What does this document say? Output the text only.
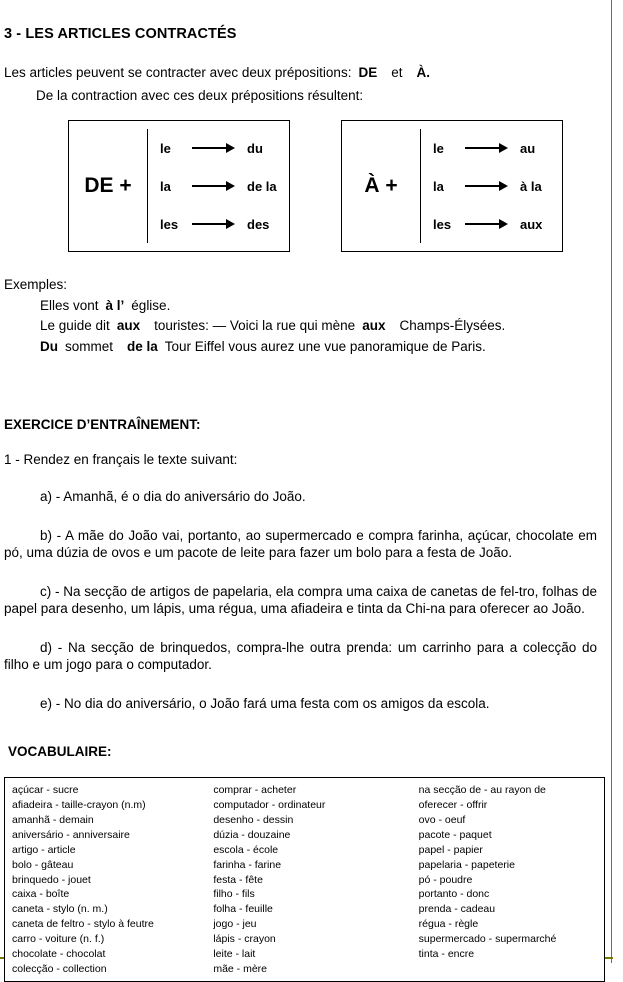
3 - LES ARTICLES CONTRACTÉS

Les articles peuvent se contracter avec deux prépositions: DE et À.

De la contraction avec ces deux prépositions résultent:

DE +
le	du
la	de la
les	des
À +
le	au
la	à la
les	aux

Exemples:

Elles vont à l’ église.

Le guide dit aux touristes: — Voici la rue qui mène aux Champs-Élysées.

Du sommet de la Tour Eiffel vous aurez une vue panoramique de Paris.

EXERCICE D’ENTRAÎNEMENT:

1 - Rendez en français le texte suivant:

a) - Amanhã, é o dia do aniversário do João.

b) - A mãe do João vai, portanto, ao supermercado e compra farinha, açúcar, chocolate em pó, uma dúzia de ovos e um pacote de leite para fazer um bolo para a festa de João.

c) - Na secção de artigos de papelaria, ela compra uma caixa de canetas de fel-tro, folhas de papel para desenho, um lápis, uma régua, uma afiadeira e tinta da Chi-na para oferecer ao João.

d) - Na secção de brinquedos, compra-lhe outra prenda: um carrinho para a colecção do filho e um jogo para o computador.

e) - No dia do aniversário, o João fará uma festa com os amigos da escola.

VOCABULAIRE:

açúcar - sucre
afiadeira - taille-crayon (n.m)
amanhã - demain
aniversário - anniversaire
artigo - article
bolo - gâteau
brinquedo - jouet
caixa - boîte
caneta - stylo (n. m.)
caneta de feltro - stylo à feutre
carro - voiture (n. f.)
chocolate - chocolat
colecção - collection
comprar - acheter
computador - ordinateur
desenho - dessin
dúzia - douzaine
escola - école
farinha - farine
festa - fête
filho - fils
folha - feuille
jogo - jeu
lápis - crayon
leite - lait
mãe - mère
na secção de - au rayon de
oferecer - offrir
ovo - oeuf
pacote - paquet
papel - papier
papelaria - papeterie
pó - poudre
portanto - donc
prenda - cadeau
régua - règle
supermercado - supermarché
tinta - encre
